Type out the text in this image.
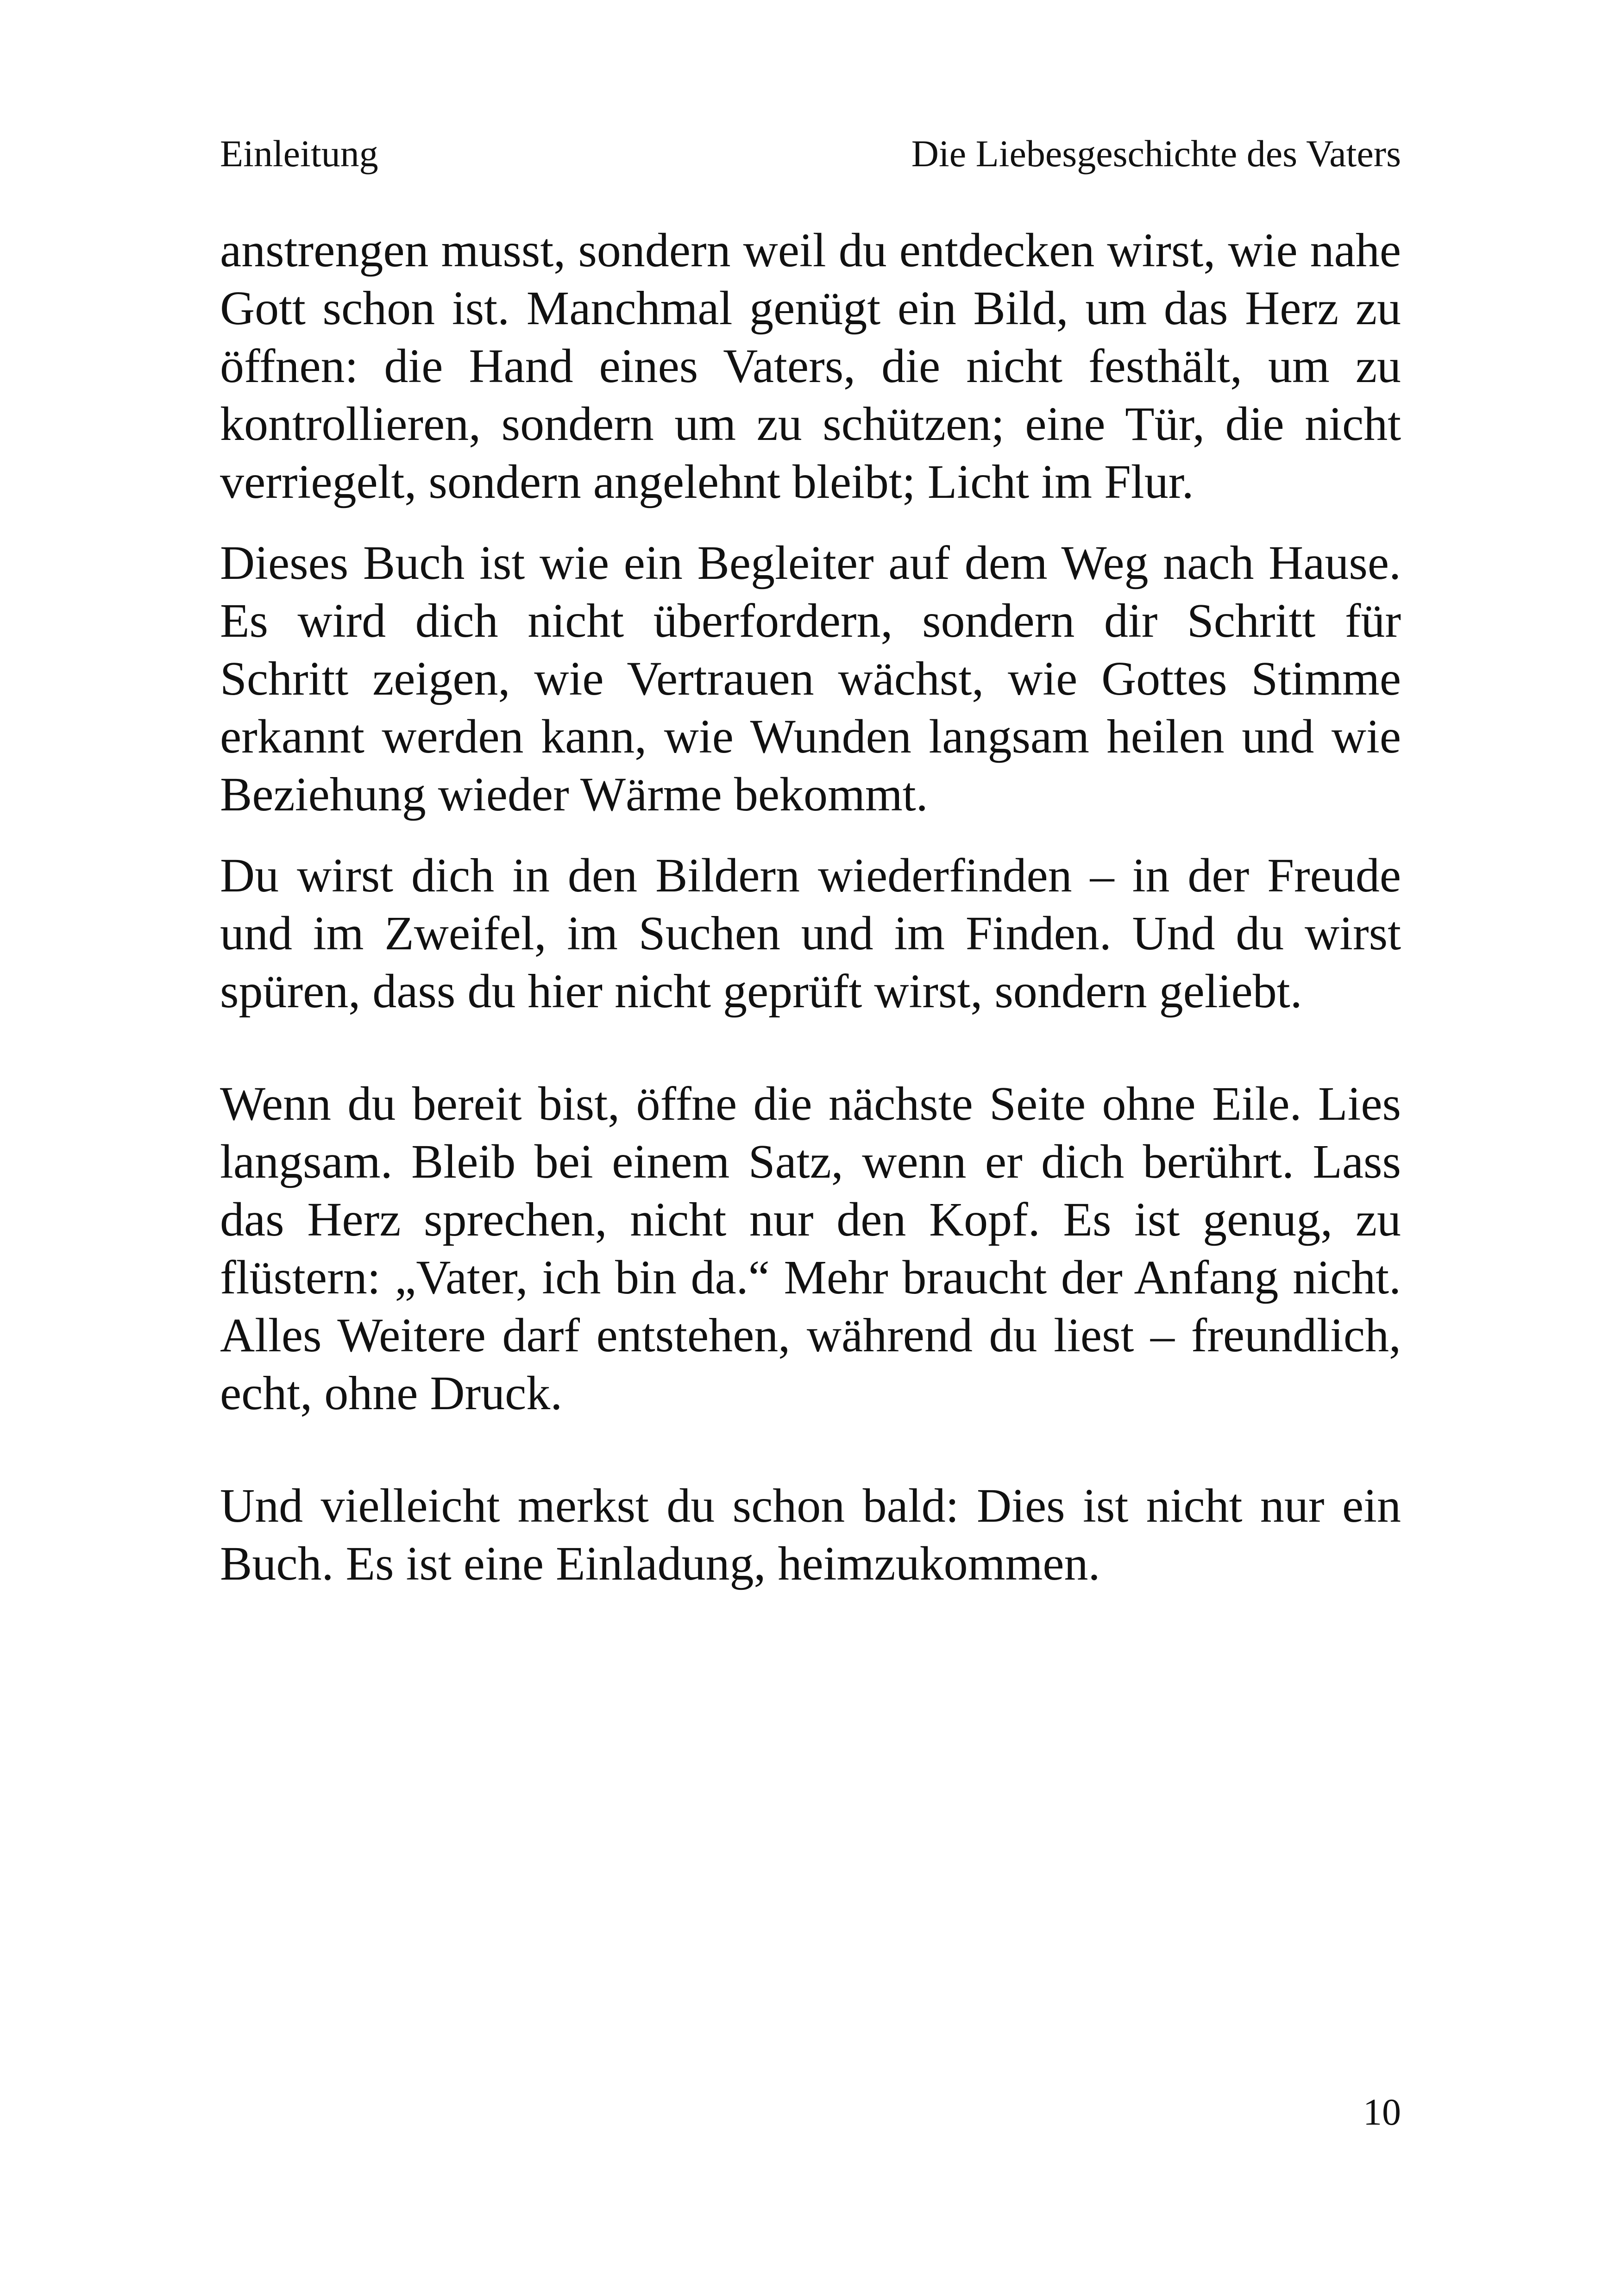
Einleitung	Die Liebesgeschichte des Vaters

anstrengen musst, sondern weil du entdecken wirst, wie nahe Gott schon ist. Manchmal genügt ein Bild, um das Herz zu öffnen: die Hand eines Vaters, die nicht festhält, um zu kontrollieren, sondern um zu schützen; eine Tür, die nicht verriegelt, sondern angelehnt bleibt; Licht im Flur.

Dieses Buch ist wie ein Begleiter auf dem Weg nach Hause. Es wird dich nicht überfordern, sondern dir Schritt für Schritt zeigen, wie Vertrauen wächst, wie Gottes Stimme erkannt werden kann, wie Wunden langsam heilen und wie Beziehung wieder Wärme bekommt.

Du wirst dich in den Bildern wiederfinden – in der Freude und im Zweifel, im Suchen und im Finden. Und du wirst spüren, dass du hier nicht geprüft wirst, sondern geliebt.

Wenn du bereit bist, öffne die nächste Seite ohne Eile. Lies langsam. Bleib bei einem Satz, wenn er dich berührt. Lass das Herz sprechen, nicht nur den Kopf. Es ist genug, zu flüstern: „Vater, ich bin da.“ Mehr braucht der Anfang nicht. Alles Weitere darf entstehen, während du liest – freundlich, echt, ohne Druck.

Und vielleicht merkst du schon bald: Dies ist nicht nur ein Buch. Es ist eine Einladung, heimzukommen.

10
